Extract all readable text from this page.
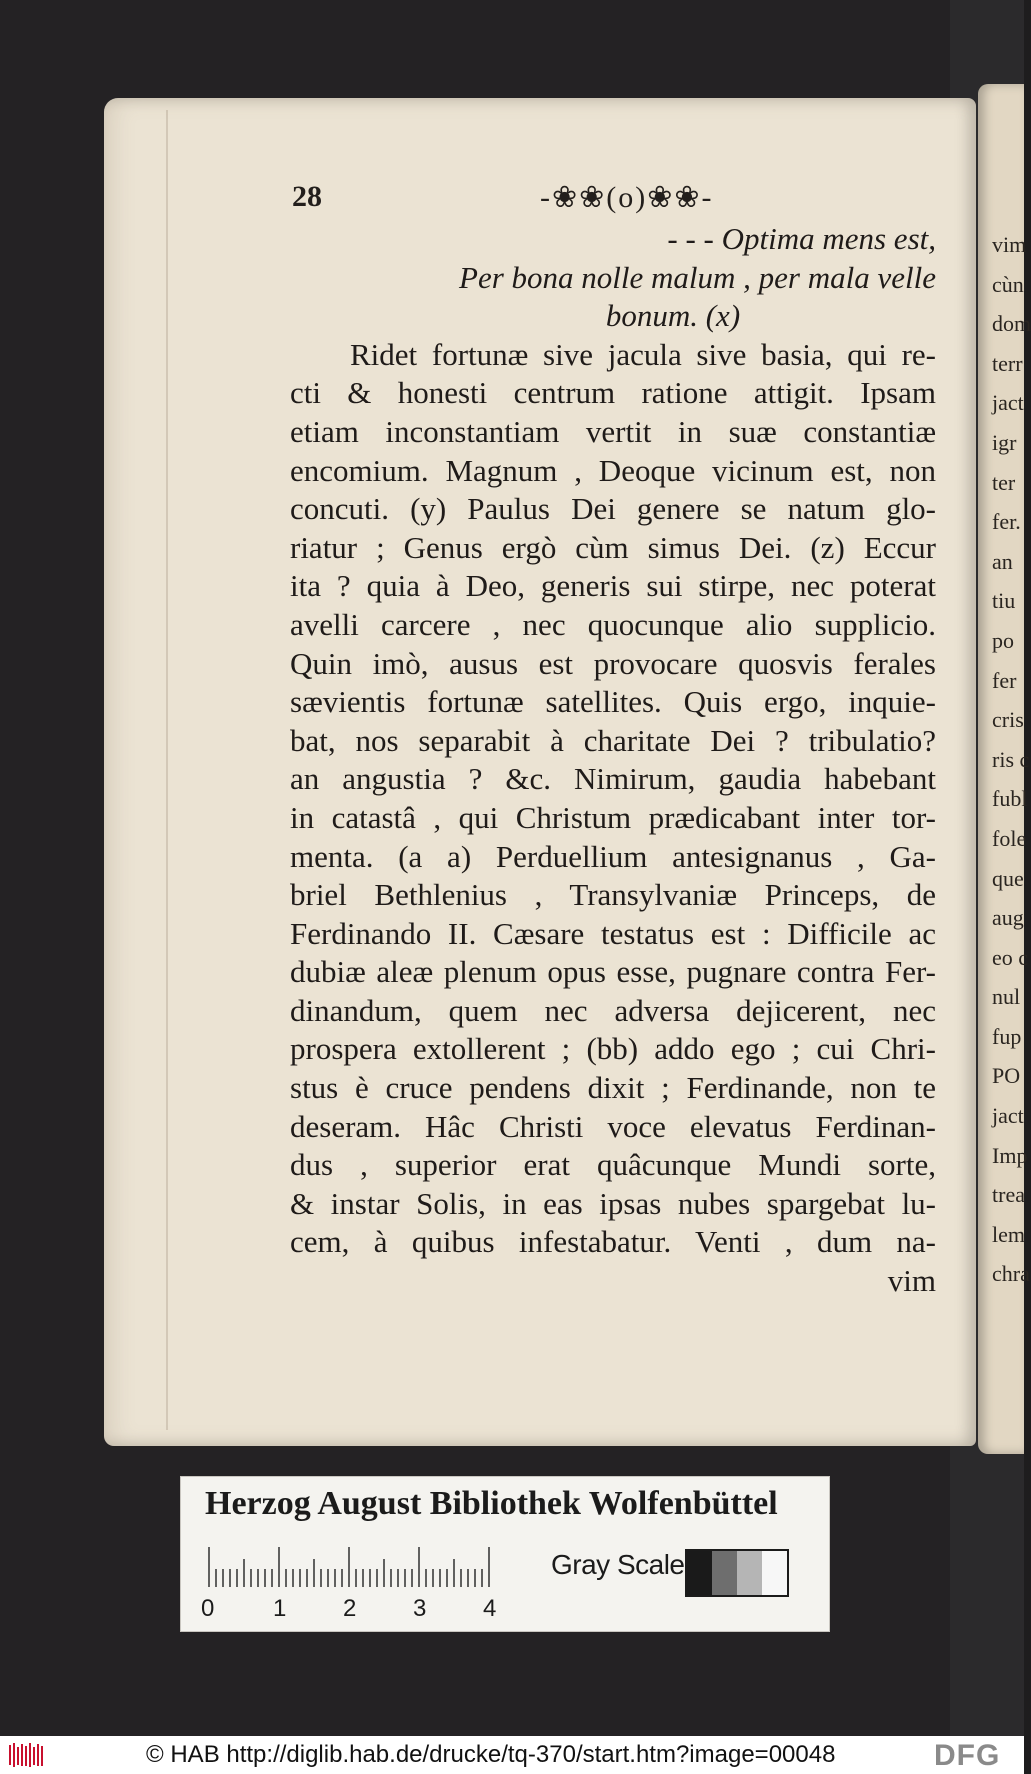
vim
cùn
dom
terr
jact
igr
ter
fer.
an
tiu
po
fer
cris
ris c
fubl
fole
que
aug
eo c
nul
fup
PO
jact
Imp
trea
lem
chra
28	-❀❀(o)❀❀-
- - - Optima mens est,
Per bona nolle malum , per mala velle
bonum. (x)
Ridet fortunæ sive jacula sive basia, qui re-
cti & honesti centrum ratione attigit. Ipsam
etiam inconstantiam vertit in suæ constantiæ
encomium. Magnum , Deoque vicinum est, non
concuti. (y) Paulus Dei genere se natum glo-
riatur ; Genus ergò cùm simus Dei. (z) Eccur
ita ? quia à Deo, generis sui stirpe, nec poterat
avelli carcere , nec quocunque alio supplicio.
Quin imò, ausus est provocare quosvis ferales
sævientis fortunæ satellites. Quis ergo, inquie-
bat, nos separabit à charitate Dei ? tribulatio?
an angustia ? &c. Nimirum, gaudia habebant
in catastâ , qui Christum prædicabant inter tor-
menta. (a a) Perduellium antesignanus , Ga-
briel Bethlenius , Transylvaniæ Princeps, de
Ferdinando II. Cæsare testatus est : Difficile ac
dubiæ aleæ plenum opus esse, pugnare contra Fer-
dinandum, quem nec adversa dejicerent, nec
prospera extollerent ; (bb) addo ego ; cui Chri-
stus è cruce pendens dixit ; Ferdinande, non te
deseram. Hâc Christi voce elevatus Ferdinan-
dus , superior erat quâcunque Mundi sorte,
& instar Solis, in eas ipsas nubes spargebat lu-
cem, à quibus infestabatur. Venti , dum na-
vim
Herzog August Bibliothek Wolfenbüttel
0 1 2 3 4
Gray Scale
© HAB http://diglib.hab.de/drucke/tq-370/start.htm?image=00048	DFG
